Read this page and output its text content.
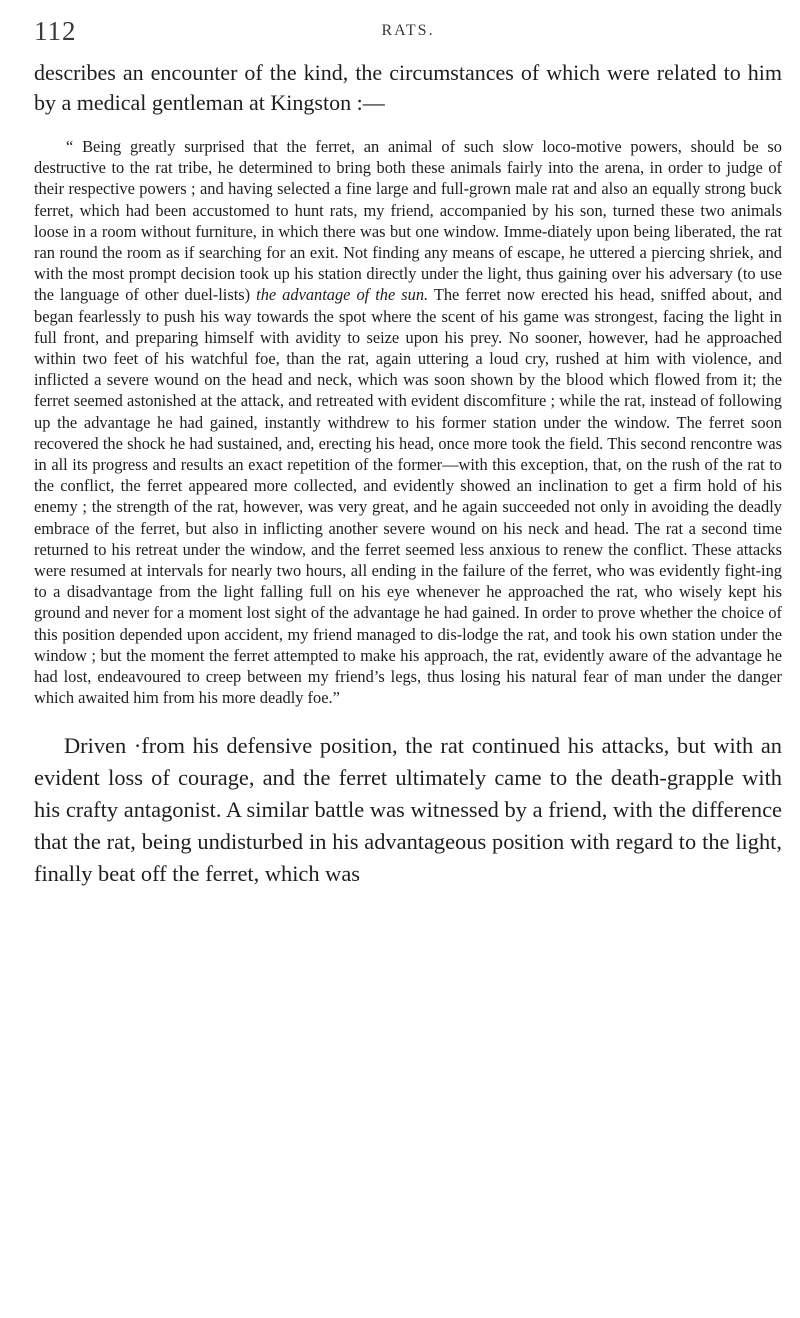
112	RATS.

describes an encounter of the kind, the circumstances of which were related to him by a medical gentleman at Kingston :—

“ Being greatly surprised that the ferret, an animal of such slow loco-motive powers, should be so destructive to the rat tribe, he determined to bring both these animals fairly into the arena, in order to judge of their respective powers ; and having selected a fine large and full-grown male rat and also an equally strong buck ferret, which had been accustomed to hunt rats, my friend, accompanied by his son, turned these two animals loose in a room without furniture, in which there was but one window. Imme-diately upon being liberated, the rat ran round the room as if searching for an exit. Not finding any means of escape, he uttered a piercing shriek, and with the most prompt decision took up his station directly under the light, thus gaining over his adversary (to use the language of other duel-lists) the advantage of the sun. The ferret now erected his head, sniffed about, and began fearlessly to push his way towards the spot where the scent of his game was strongest, facing the light in full front, and preparing himself with avidity to seize upon his prey. No sooner, however, had he approached within two feet of his watchful foe, than the rat, again uttering a loud cry, rushed at him with violence, and inflicted a severe wound on the head and neck, which was soon shown by the blood which flowed from it; the ferret seemed astonished at the attack, and retreated with evident discomfiture ; while the rat, instead of following up the advantage he had gained, instantly withdrew to his former station under the window. The ferret soon recovered the shock he had sustained, and, erecting his head, once more took the field. This second rencontre was in all its progress and results an exact repetition of the former—with this exception, that, on the rush of the rat to the conflict, the ferret appeared more collected, and evidently showed an inclination to get a firm hold of his enemy ; the strength of the rat, however, was very great, and he again succeeded not only in avoiding the deadly embrace of the ferret, but also in inflicting another severe wound on his neck and head. The rat a second time returned to his retreat under the window, and the ferret seemed less anxious to renew the conflict. These attacks were resumed at intervals for nearly two hours, all ending in the failure of the ferret, who was evidently fight-ing to a disadvantage from the light falling full on his eye whenever he approached the rat, who wisely kept his ground and never for a moment lost sight of the advantage he had gained. In order to prove whether the choice of this position depended upon accident, my friend managed to dis-lodge the rat, and took his own station under the window ; but the moment the ferret attempted to make his approach, the rat, evidently aware of the advantage he had lost, endeavoured to creep between my friend’s legs, thus losing his natural fear of man under the danger which awaited him from his more deadly foe.”

Driven ·from his defensive position, the rat continued his attacks, but with an evident loss of courage, and the ferret ultimately came to the death-grapple with his crafty antagonist. A similar battle was witnessed by a friend, with the difference that the rat, being undisturbed in his advantageous position with regard to the light, finally beat off the ferret, which was
